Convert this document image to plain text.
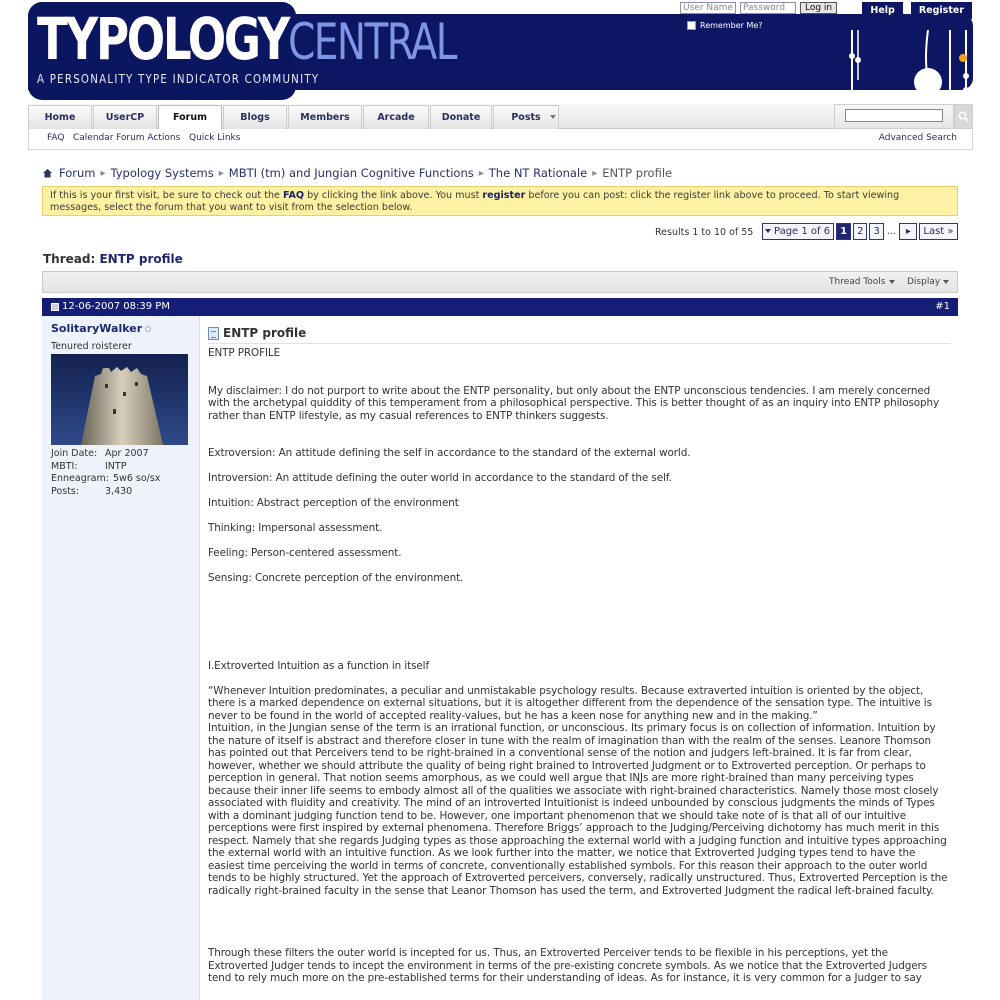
TYPOLOGYCENTRAL
A PERSONALITY TYPE INDICATOR COMMUNITY
User Name	Password	Log in
Remember Me?
Help	Register
Home	UserCP	Forum	Blogs	Members	Arcade	Donate	Posts
FAQ Calendar Forum Actions Quick Links	Advanced Search
Forum ▸ Typology Systems ▸ MBTI (tm) and Jungian Cognitive Functions ▸ The NT Rationale ▸ ENTP profile
If this is your first visit, be sure to check out the FAQ by clicking the link above. You must register before you can post: click the register link above to proceed. To start viewing messages, select the forum that you want to visit from the selection below.
Results 1 to 10 of 55	Page 1 of 6	1	2	3 ... ▸	Last »
Thread: ENTP profile
Thread Tools	Display
12-06-2007 08:39 PM	#1
SolitaryWalker
Tenured roisterer
Join Date: Apr 2007
MBTI:	INTP
Enneagram: 5w6 so/sx
Posts:	3,430
ENTP profile

ENTP PROFILE

My disclaimer: I do not purport to write about the ENTP personality, but only about the ENTP unconscious tendencies. I am merely concerned with the archetypal quiddity of this temperament from a philosophical perspective. This is better thought of as an inquiry into ENTP philosophy rather than ENTP lifestyle, as my casual references to ENTP thinkers suggests.

Extroversion: An attitude defining the self in accordance to the standard of the external world.

Introversion: An attitude defining the outer world in accordance to the standard of the self.

Intuition: Abstract perception of the environment

Thinking: Impersonal assessment.

Feeling: Person-centered assessment.

Sensing: Concrete perception of the environment.

I.Extroverted Intuition as a function in itself

“Whenever Intuition predominates, a peculiar and unmistakable psychology results. Because extraverted intuition is oriented by the object, there is a marked dependence on external situations, but it is altogether different from the dependence of the sensation type. The intuitive is never to be found in the world of accepted reality-values, but he has a keen nose for anything new and in the making.”

Intuition, in the Jungian sense of the term is an irrational function, or unconscious. Its primary focus is on collection of information. Intuition by the nature of itself is abstract and therefore closer in tune with the realm of imagination than with the realm of the senses. Leanore Thomson has pointed out that Perceivers tend to be right-brained in a conventional sense of the notion and judgers left-brained. It is far from clear, however, whether we should attribute the quality of being right brained to Introverted Judgment or to Extroverted perception. Or perhaps to perception in general. That notion seems amorphous, as we could well argue that INJs are more right-brained than many perceiving types because their inner life seems to embody almost all of the qualities we associate with right-brained characteristics. Namely those most closely associated with fluidity and creativity. The mind of an introverted Intuitionist is indeed unbounded by conscious judgments the minds of Types with a dominant judging function tend to be. However, one important phenomenon that we should take note of is that all of our intuitive perceptions were first inspired by external phenomena. Therefore Briggs’ approach to the Judging/Perceiving dichotomy has much merit in this respect. Namely that she regards Judging types as those approaching the external world with a judging function and intuitive types approaching the external world with an intuitive function. As we look further into the matter, we notice that Extroverted Judging types tend to have the easiest time perceiving the world in terms of concrete, conventionally established symbols. For this reason their approach to the outer world tends to be highly structured. Yet the approach of Extroverted perceivers, conversely, radically unstructured. Thus, Extroverted Perception is the radically right-brained faculty in the sense that Leanor Thomson has used the term, and Extroverted Judgment the radical left-brained faculty.

Through these filters the outer world is incepted for us. Thus, an Extroverted Perceiver tends to be flexible in his perceptions, yet the Extroverted Judger tends to incept the environment in terms of the pre-existing concrete symbols. As we notice that the Extroverted Judgers tend to rely much more on the pre-established terms for their understanding of ideas. As for instance, it is very common for a Judger to say
